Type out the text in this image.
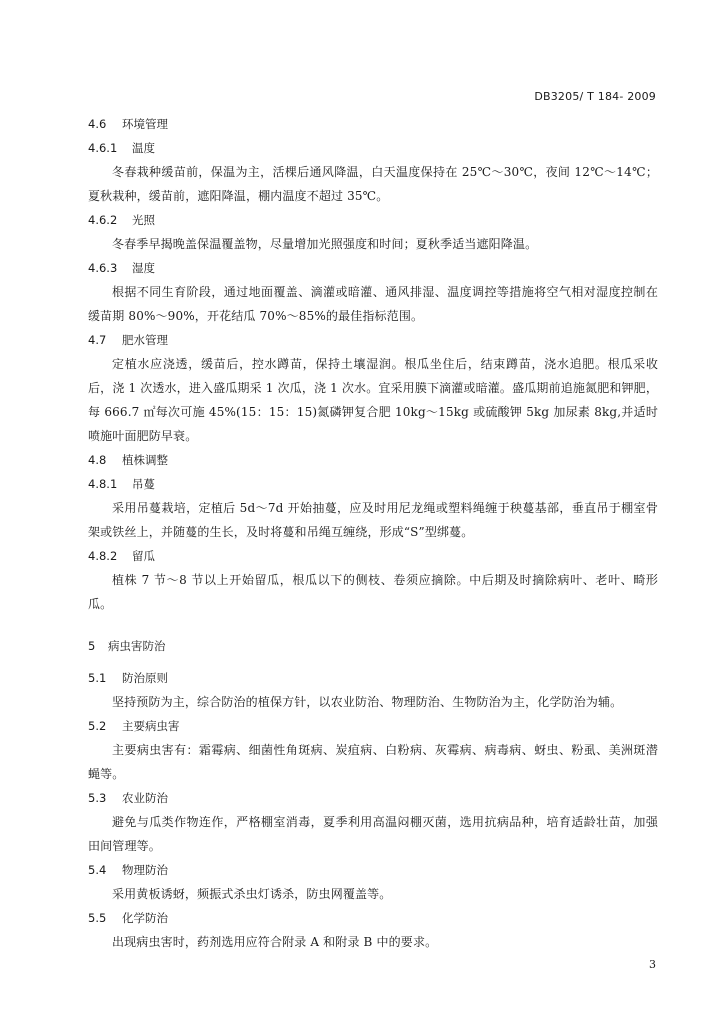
DB3205/ T 184- 2009
4.6 环境管理
4.6.1 温度

冬春栽种缓苗前，保温为主，活棵后通风降温，白天温度保持在 25℃～30℃，夜间 12℃～14℃；夏秋栽种，缓苗前，遮阳降温，棚内温度不超过 35℃。

4.6.2 光照

冬春季早揭晚盖保温覆盖物，尽量增加光照强度和时间；夏秋季适当遮阳降温。

4.6.3 湿度

根据不同生育阶段，通过地面覆盖、滴灌或暗灌、通风排湿、温度调控等措施将空气相对湿度控制在缓苗期 80%～90%，开花结瓜 70%～85%的最佳指标范围。

4.7 肥水管理

定植水应浇透，缓苗后，控水蹲苗，保持土壤湿润。根瓜坐住后，结束蹲苗，浇水追肥。根瓜采收后，浇 1 次透水，进入盛瓜期采 1 次瓜，浇 1 次水。宜采用膜下滴灌或暗灌。盛瓜期前追施氮肥和钾肥，每 666.7 ㎡每次可施 45%(15：15：15)氮磷钾复合肥 10kg～15kg 或硫酸钾 5kg 加尿素 8kg,并适时喷施叶面肥防早衰。

4.8 植株调整
4.8.1 吊蔓

采用吊蔓栽培，定植后 5d～7d 开始抽蔓，应及时用尼龙绳或塑料绳缠于秧蔓基部，垂直吊于棚室骨架或铁丝上，并随蔓的生长，及时将蔓和吊绳互缠绕，形成“S”型绑蔓。

4.8.2 留瓜

植株 7 节～8 节以上开始留瓜，根瓜以下的侧枝、卷须应摘除。中后期及时摘除病叶、老叶、畸形瓜。

5 病虫害防治
5.1 防治原则

坚持预防为主，综合防治的植保方针，以农业防治、物理防治、生物防治为主，化学防治为辅。

5.2 主要病虫害

主要病虫害有：霜霉病、细菌性角斑病、炭疽病、白粉病、灰霉病、病毒病、蚜虫、粉虱、美洲斑潜蝇等。

5.3 农业防治

避免与瓜类作物连作，严格棚室消毒，夏季利用高温闷棚灭菌，选用抗病品种，培育适龄壮苗，加强田间管理等。

5.4 物理防治

采用黄板诱蚜，频振式杀虫灯诱杀，防虫网覆盖等。

5.5 化学防治

出现病虫害时，药剂选用应符合附录 A 和附录 B 中的要求。

3
